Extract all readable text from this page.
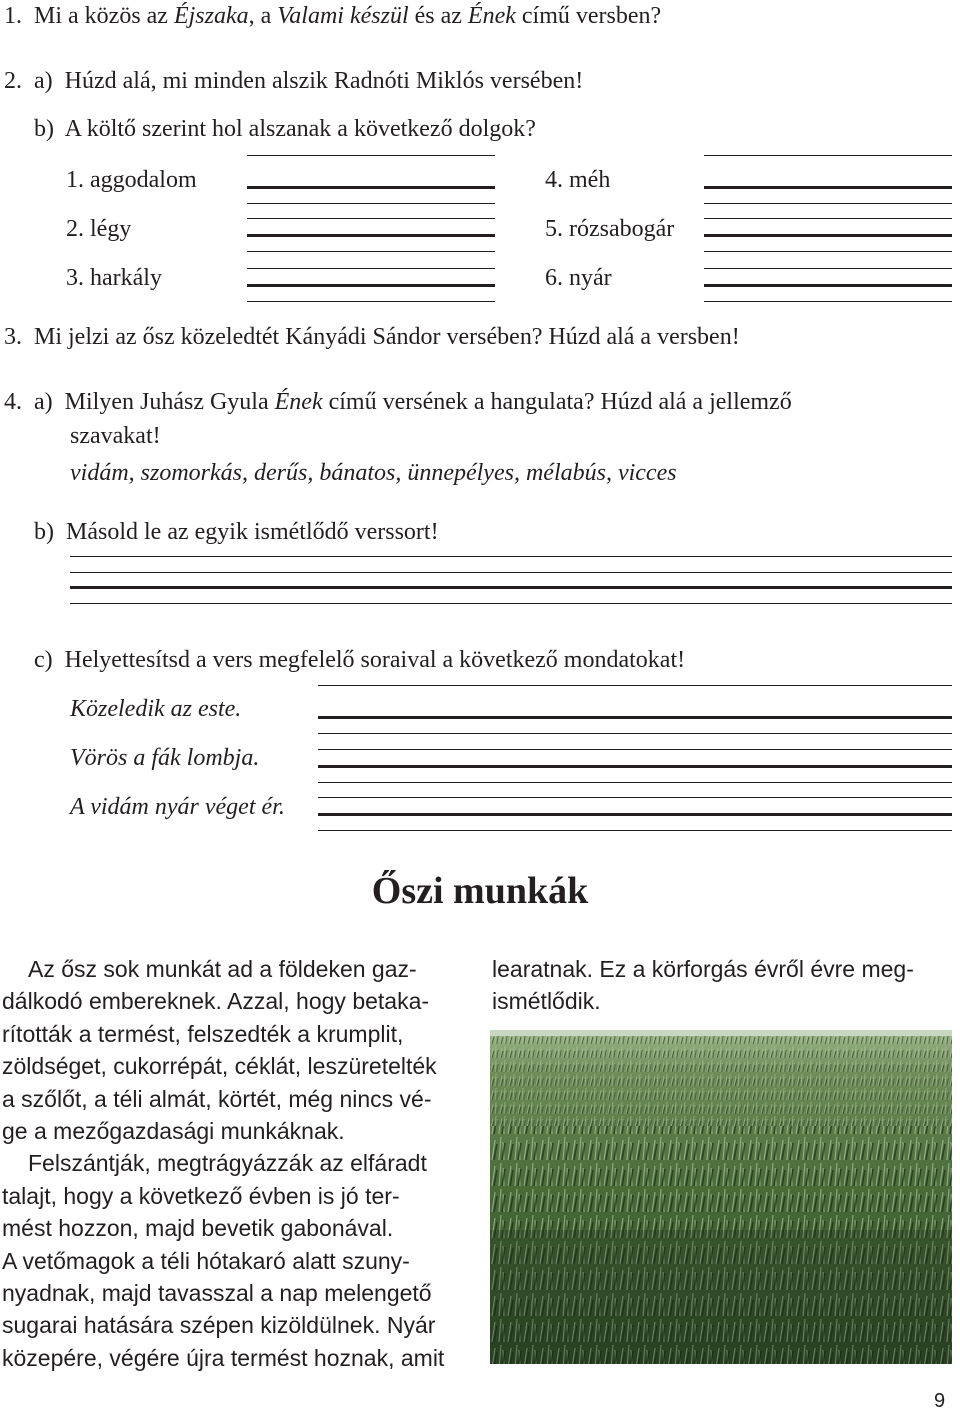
1. Mi a közös az Éjszaka, a Valami készül és az Ének című versben?
2. a) Húzd alá, mi minden alszik Radnóti Miklós versében!
b) A költő szerint hol alszanak a következő dolgok?
1. aggodalom
2. légy
3. harkály
4. méh
5. rózsabogár
6. nyár
3. Mi jelzi az ősz közeledtét Kányádi Sándor versében? Húzd alá a versben!
4. a) Milyen Juhász Gyula Ének című versének a hangulata? Húzd alá a jellemző
szavakat!
vidám, szomorkás, derűs, bánatos, ünnepélyes, mélabús, vicces
b) Másold le az egyik ismétlődő verssort!
c) Helyettesítsd a vers megfelelő soraival a következő mondatokat!
Közeledik az este.
Vörös a fák lombja.
A vidám nyár véget ér.
Őszi munkák

Az ősz sok munkát ad a földeken gaz-

dálkodó embereknek. Azzal, hogy betaka-

rították a termést, felszedték a krumplit,

zöldséget, cukorrépát, céklát, leszüretelték

a szőlőt, a téli almát, körtét, még nincs vé-

ge a mezőgazdasági munkáknak.

Felszántják, megtrágyázzák az elfáradt

talajt, hogy a következő évben is jó ter-

mést hozzon, majd bevetik gabonával.

A vetőmagok a téli hótakaró alatt szuny-

nyadnak, majd tavasszal a nap melengető

sugarai hatására szépen kizöldülnek. Nyár

közepére, végére újra termést hoznak, amit

learatnak. Ez a körforgás évről évre meg-

ismétlődik.

9
